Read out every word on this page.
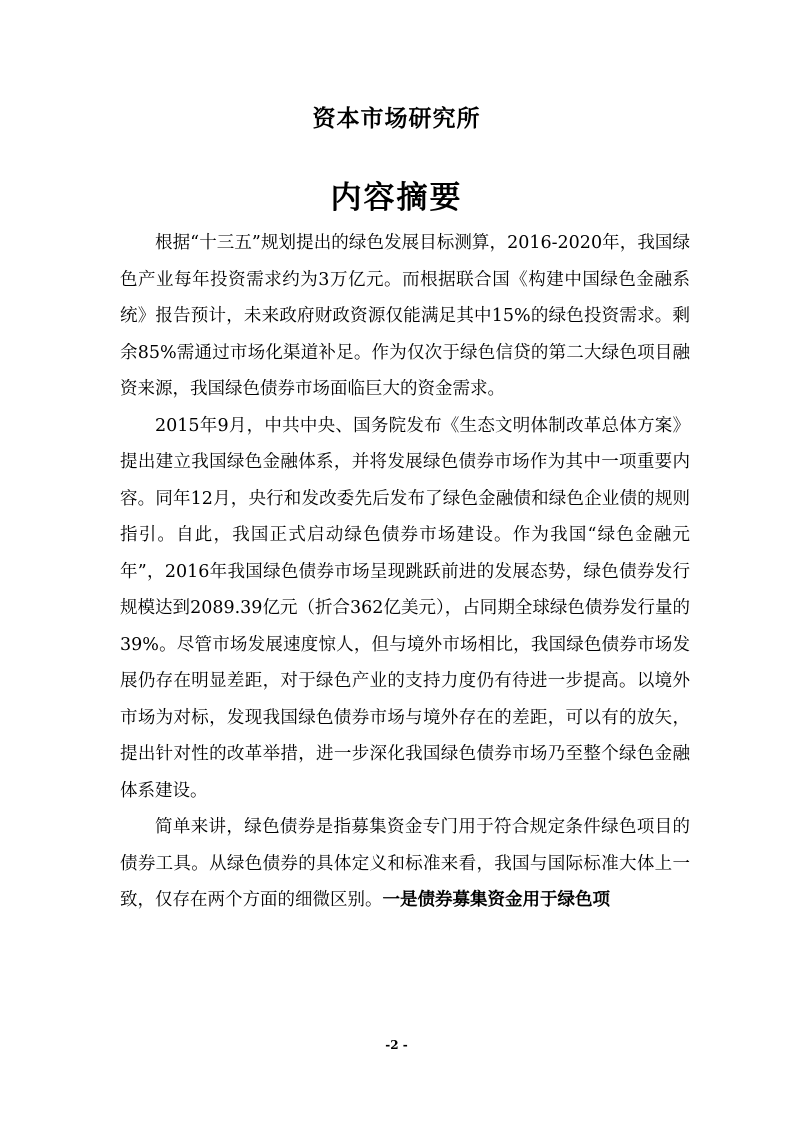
资本市场研究所
内容摘要

根据“十三五”规划提出的绿色发展目标测算，2016-2020年，我国绿色产业每年投资需求约为3万亿元。而根据联合国《构建中国绿色金融系统》报告预计，未来政府财政资源仅能满足其中15%的绿色投资需求。剩余85%需通过市场化渠道补足。作为仅次于绿色信贷的第二大绿色项目融资来源，我国绿色债券市场面临巨大的资金需求。

2015年9月，中共中央、国务院发布《生态文明体制改革总体方案》提出建立我国绿色金融体系，并将发展绿色债券市场作为其中一项重要内容。同年12月，央行和发改委先后发布了绿色金融债和绿色企业债的规则指引。自此，我国正式启动绿色债券市场建设。作为我国“绿色金融元年”，2016年我国绿色债券市场呈现跳跃前进的发展态势，绿色债券发行规模达到2089.39亿元（折合362亿美元），占同期全球绿色债券发行量的39%。尽管市场发展速度惊人，但与境外市场相比，我国绿色债券市场发展仍存在明显差距，对于绿色产业的支持力度仍有待进一步提高。以境外市场为对标，发现我国绿色债券市场与境外存在的差距，可以有的放矢，提出针对性的改革举措，进一步深化我国绿色债券市场乃至整个绿色金融体系建设。

简单来讲，绿色债券是指募集资金专门用于符合规定条件绿色项目的债券工具。从绿色债券的具体定义和标准来看，我国与国际标准大体上一致，仅存在两个方面的细微区别。一是债券募集资金用于绿色项

-2 -
